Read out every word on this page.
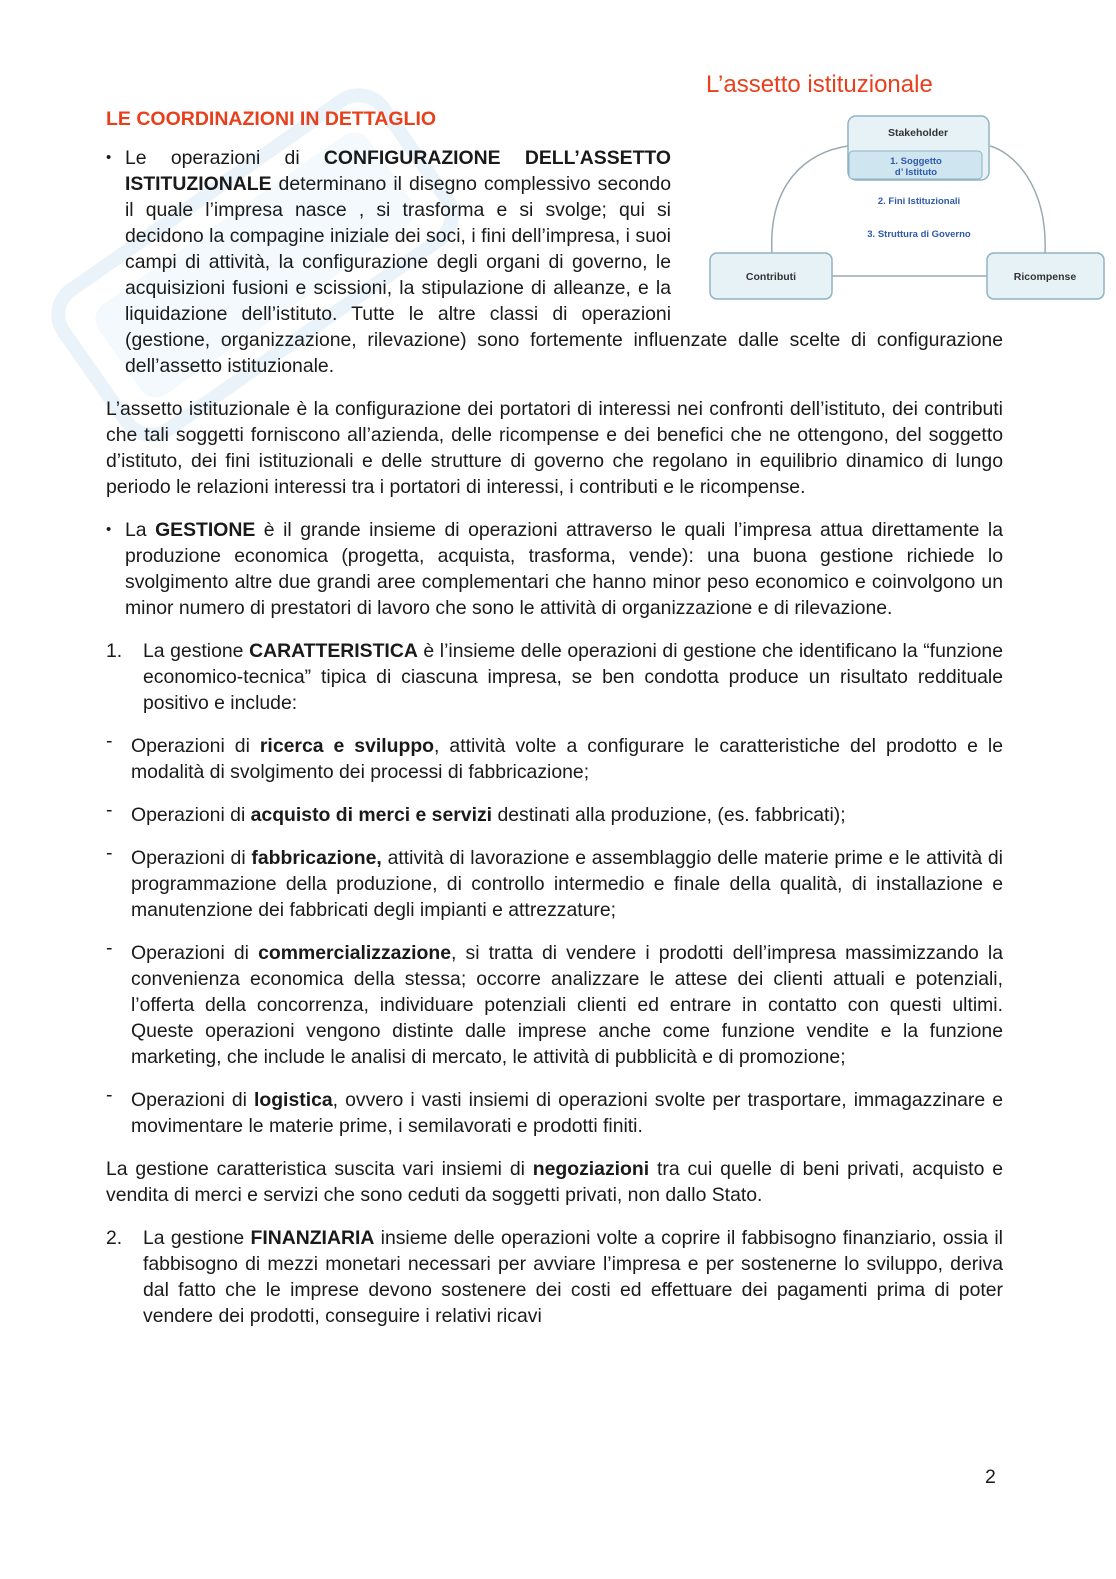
L’assetto istituzionale
Stakeholder
1. Soggetto
d’ Istituto
2. Fini Istituzionali
3. Struttura di Governo
Contributi	Ricompense
LE COORDINAZIONI IN DETTAGLIO
• Le operazioni di CONFIGURAZIONE DELL’ASSETTO ISTITUZIONALE determinano il disegno complessivo secondo il quale l’impresa nasce , si trasforma e si svolge; qui si decidono la compagine iniziale dei soci, i fini dell’impresa, i suoi campi di attività, la configurazione degli organi di governo, le acquisizioni fusioni e scissioni, la stipulazione di alleanze, e la liquidazione dell’istituto. Tutte le altre classi di operazioni (gestione, organizzazione, rilevazione) sono fortemente influenzate dalle scelte di configurazione dell’assetto istituzionale.

L’assetto istituzionale è la configurazione dei portatori di interessi nei confronti dell’istituto, dei contributi che tali soggetti forniscono all’azienda, delle ricompense e dei benefici che ne ottengono, del soggetto d’istituto, dei fini istituzionali e delle strutture di governo che regolano in equilibrio dinamico di lungo periodo le relazioni interessi tra i portatori di interessi, i contributi e le ricompense.

• La GESTIONE è il grande insieme di operazioni attraverso le quali l’impresa attua direttamente la produzione economica (progetta, acquista, trasforma, vende): una buona gestione richiede lo svolgimento altre due grandi aree complementari che hanno minor peso economico e coinvolgono un minor numero di prestatori di lavoro che sono le attività di organizzazione e di rilevazione.
1. La gestione CARATTERISTICA è l’insieme delle operazioni di gestione che identificano la “funzione economico-tecnica” tipica di ciascuna impresa, se ben condotta produce un risultato reddituale positivo e include:
- Operazioni di ricerca e sviluppo, attività volte a configurare le caratteristiche del prodotto e le modalità di svolgimento dei processi di fabbricazione;
- Operazioni di acquisto di merci e servizi destinati alla produzione, (es. fabbricati);
- Operazioni di fabbricazione, attività di lavorazione e assemblaggio delle materie prime e le attività di programmazione della produzione, di controllo intermedio e finale della qualità, di installazione e manutenzione dei fabbricati degli impianti e attrezzature;
- Operazioni di commercializzazione, si tratta di vendere i prodotti dell’impresa massimizzando la convenienza economica della stessa; occorre analizzare le attese dei clienti attuali e potenziali, l’offerta della concorrenza, individuare potenziali clienti ed entrare in contatto con questi ultimi. Queste operazioni vengono distinte dalle imprese anche come funzione vendite e la funzione marketing, che include le analisi di mercato, le attività di pubblicità e di promozione;
- Operazioni di logistica, ovvero i vasti insiemi di operazioni svolte per trasportare, immagazzinare e movimentare le materie prime, i semilavorati e prodotti finiti.

La gestione caratteristica suscita vari insiemi di negoziazioni tra cui quelle di beni privati, acquisto e vendita di merci e servizi che sono ceduti da soggetti privati, non dallo Stato.

2. La gestione FINANZIARIA insieme delle operazioni volte a coprire il fabbisogno finanziario, ossia il fabbisogno di mezzi monetari necessari per avviare l’impresa e per sostenerne lo sviluppo, deriva dal fatto che le imprese devono sostenere dei costi ed effettuare dei pagamenti prima di poter vendere dei prodotti, conseguire i relativi ricavi
2
